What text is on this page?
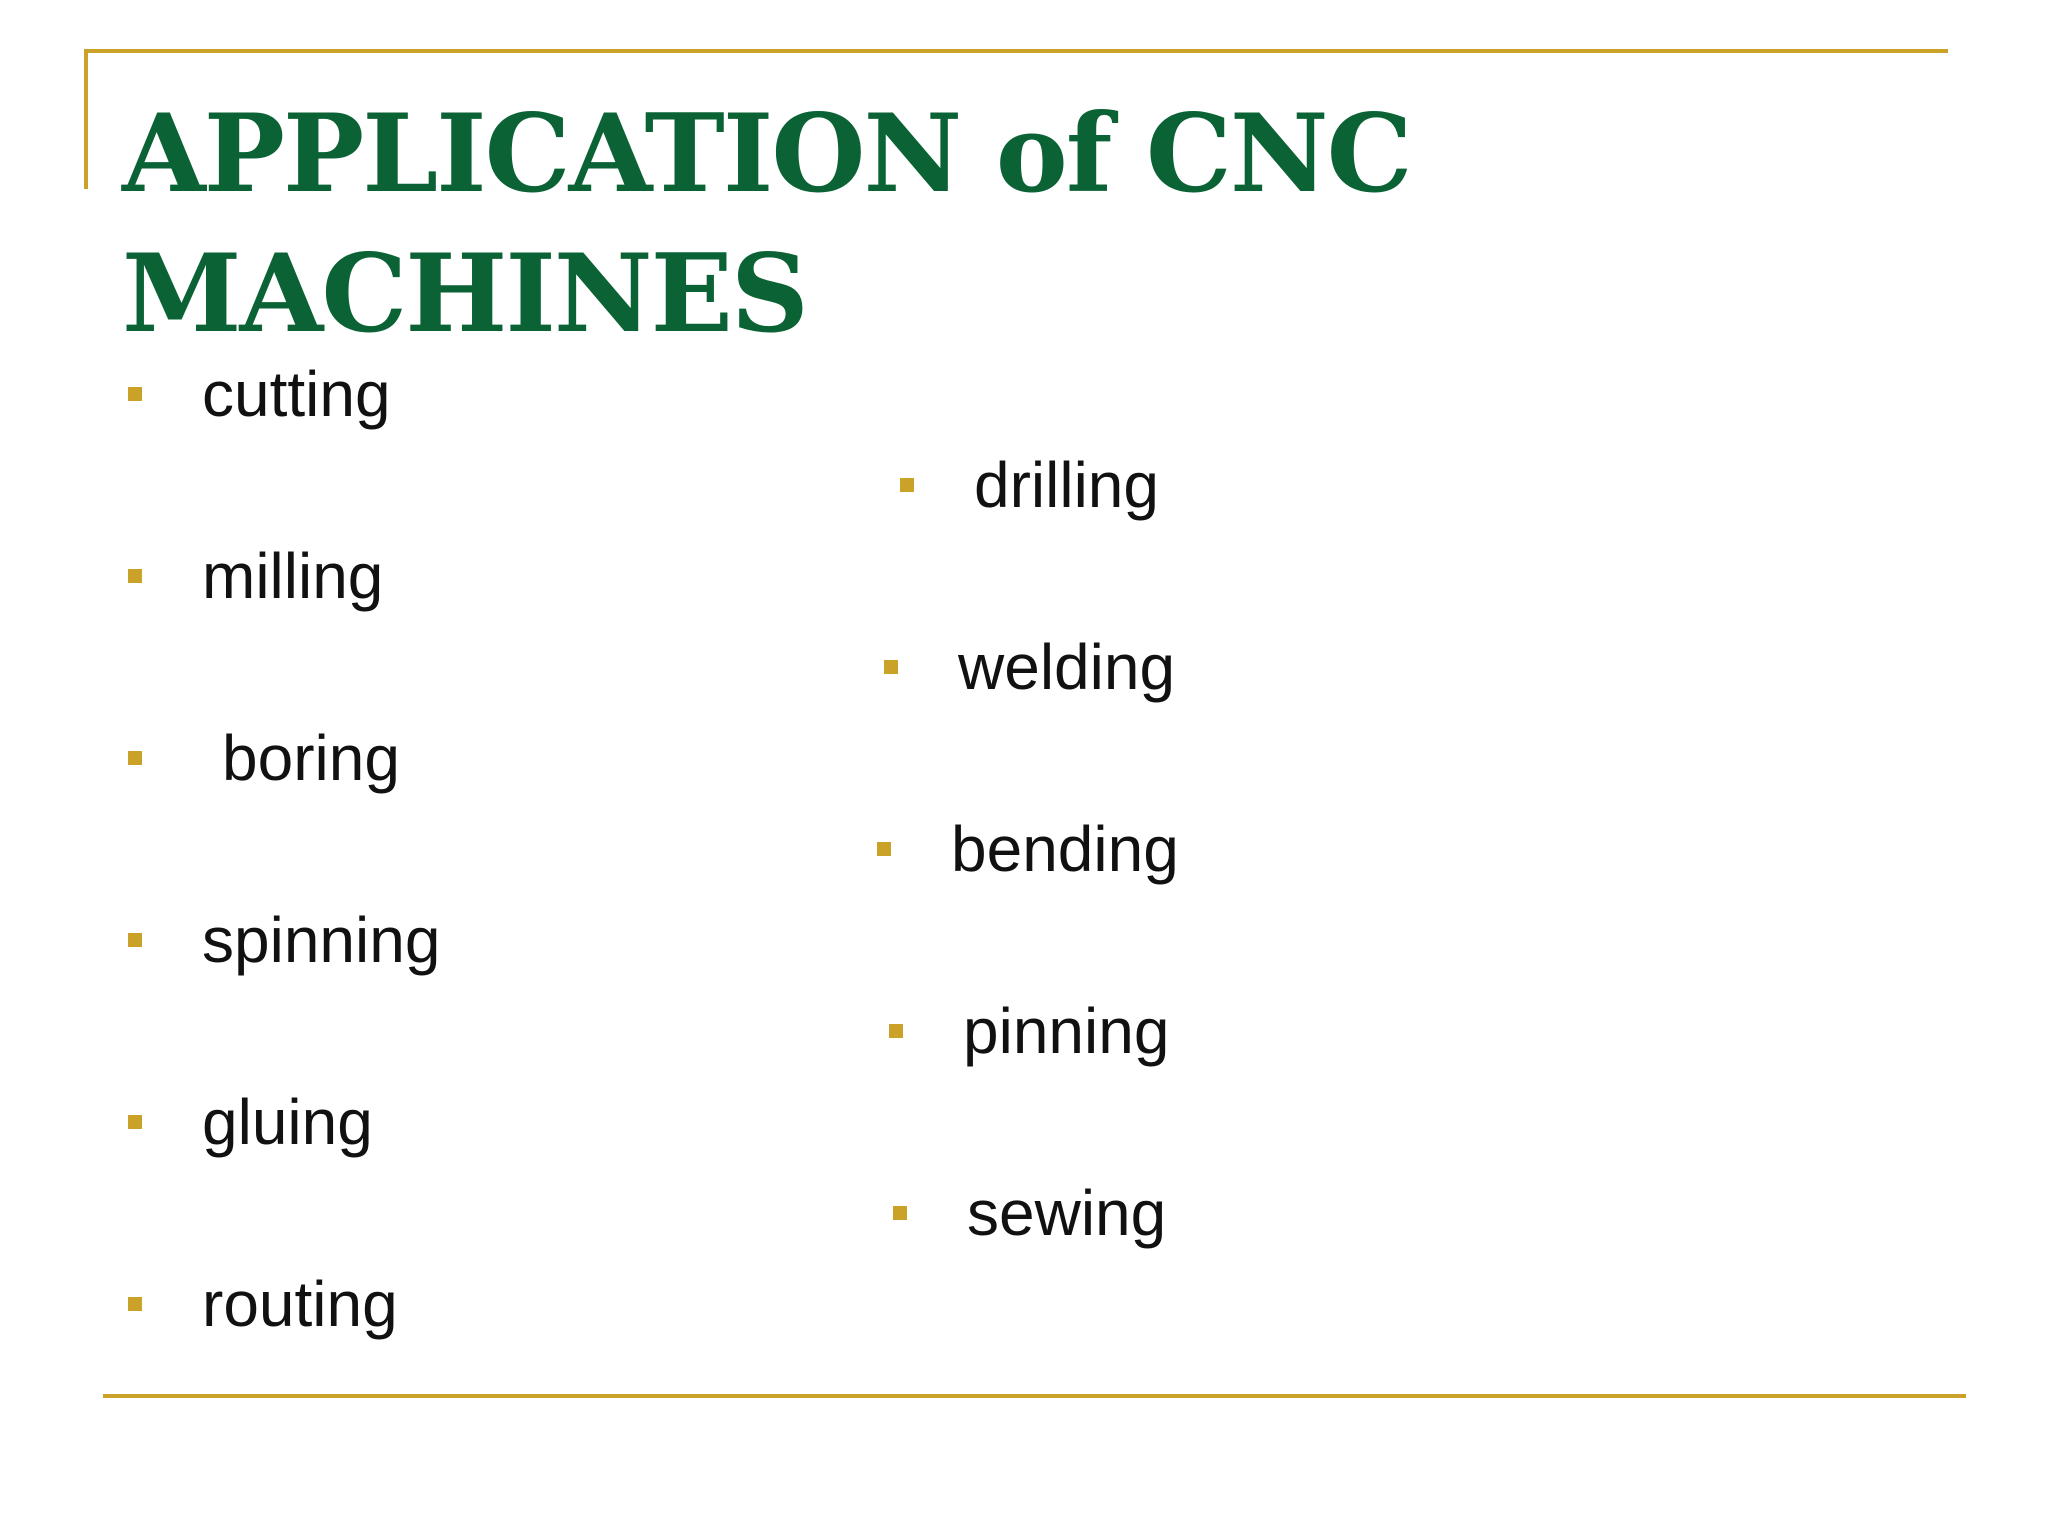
APPLICATION of CNC
MACHINES
cutting
milling
boring
spinning
gluing
routing
drilling
welding
bending
pinning
sewing
